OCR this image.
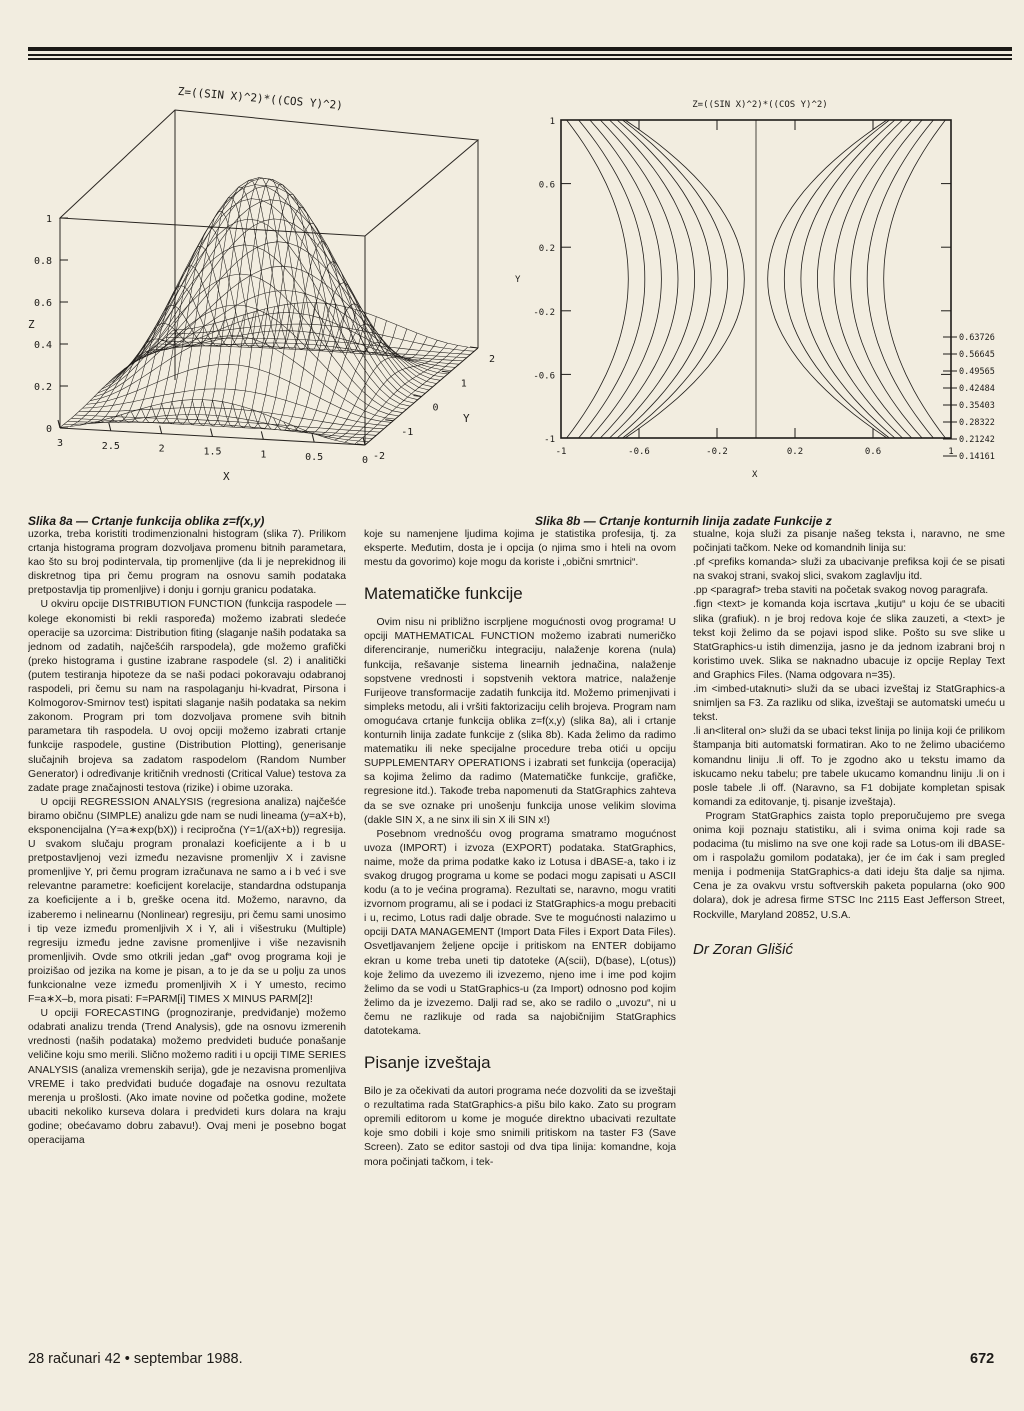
Z=((SIN X)^2)*((COS Y)^2)
Z
0
0.2
0.4
0.6
0.8
1
0
0.5
1
1.5
2
2.5
3
-2
-1
0
1
2
X
Y
Z=((SIN X)^2)*((COS Y)^2)
-1
-0.6
-0.2
0.2
0.6
1
-1	-0.6	-0.2	0.2	0.6	1
0.63726
0.56645
0.49565
0.42484
0.35403
0.28322
0.21242
0.14161
Y
X
Slika 8a — Crtanje funkcija oblika z=f(x,y)	Slika 8b — Crtanje konturnih linija zadate Funkcije z

uzorka, treba koristiti trodimenzionalni histogram (slika 7). Prilikom crtanja histograma program dozvoljava promenu bitnih parametara, kao što su broj podintervala, tip promenljive (da li je neprekidnog ili diskretnog tipa pri čemu program na osnovu samih podataka pretpostavlja tip promenljive) i donju i gornju granicu podataka.

U okviru opcije DISTRIBUTION FUNCTION (funkcija raspodele — kolege ekonomisti bi rekli raspoređa) možemo izabrati sledeće operacije sa uzorcima: Distribution fiting (slaganje naših podataka sa jednom od zadatih, najčešćih rarspodela), gde možemo grafički (preko histograma i gustine izabrane raspodele (sl. 2) i analitički (putem testiranja hipoteze da se naši podaci pokoravaju odabranoj raspodeli, pri čemu su nam na raspolaganju hi-kvadrat, Pirsona i Kolmogorov-Smirnov test) ispitati slaganje naših podataka sa nekim zakonom. Program pri tom dozvoljava promene svih bitnih parametara tih raspodela. U ovoj opciji možemo izabrati crtanje funkcije raspodele, gustine (Distribution Plotting), generisanje slučajnih brojeva sa zadatom raspodelom (Random Number Generator) i određivanje kritičnih vrednosti (Critical Value) testova za zadate prage značajnosti testova (rizike) i obime uzoraka.

U opciji REGRESSION ANALYSIS (regresiona analiza) najčešće biramo običnu (SIMPLE) analizu gde nam se nudi lineama (y=aX+b), eksponencijalna (Y=a∗exp(bX)) i recipročna (Y=1/(aX+b)) regresija. U svakom slučaju program pronalazi koeficijente a i b u pretpostavljenoj vezi između nezavisne promenljiv X i zavisne promenljive Y, pri čemu program izračunava ne samo a i b već i sve relevantne parametre: koeficijent korelacije, standardna odstupanja za koeficijente a i b, greške ocena itd. Možemo, naravno, da izaberemo i nelinearnu (Nonlinear) regresiju, pri čemu sami unosimo i tip veze između promenljivih X i Y, ali i višestruku (Multiple) regresiju između jedne zavisne promenljive i više nezavisnih promenljivih. Ovde smo otkrili jedan „gaf“ ovog programa koji je proizišao od jezika na kome je pisan, a to je da se u polju za unos funkcionalne veze između promenljivih X i Y umesto, recimo F=a∗X–b, mora pisati: F=PARM[i] TIMES X MINUS PARM[2]!

U opciji FORECASTING (prognoziranje, predviđanje) možemo odabrati analizu trenda (Trend Analysis), gde na osnovu izmerenih vrednosti (naših podataka) možemo predvideti buduće ponašanje veličine koju smo merili. Slično možemo raditi i u opciji TIME SERIES ANALYSIS (analiza vremenskih serija), gde je nezavisna promenljiva VREME i tako predviđati buduće događaje na osnovu rezultata merenja u prošlosti. (Ako imate novine od početka godine, možete ubaciti nekoliko kurseva dolara i predvideti kurs dolara na kraju godine; obećavamo dobru zabavu!). Ovaj meni je posebno bogat operacijama

koje su namenjene ljudima kojima je statistika profesija, tj. za eksperte. Međutim, dosta je i opcija (o njima smo i hteli na ovom mestu da govorimo) koje mogu da koriste i „obični smrtnici“.

Matematičke funkcije

Ovim nisu ni približno iscrpljene mogućnosti ovog programa! U opciji MATHEMATICAL FUNCTION možemo izabrati numeričko diferenciranje, numeričku integraciju, nalaženje korena (nula) funkcija, rešavanje sistema linearnih jednačina, nalaženje sopstvene vrednosti i sopstvenih vektora matrice, nalaženje Furijeove transformacije zadatih funkcija itd. Možemo primenjivati i simpleks metodu, ali i vršiti faktorizaciju celih brojeva. Program nam omogućava crtanje funkcija oblika z=f(x,y) (slika 8a), ali i crtanje konturnih linija zadate funkcije z (slika 8b). Kada želimo da radimo matematiku ili neke specijalne procedure treba otići u opciju SUPPLEMENTARY OPERATIONS i izabrati set funkcija (operacija) sa kojima želimo da radimo (Matematičke funkcije, grafičke, regresione itd.). Takođe treba napomenuti da StatGraphics zahteva da se sve oznake pri unošenju funkcija unose velikim slovima (dakle SIN X, a ne sinx ili sin X ili SIN x!)

Posebnom vrednošću ovog programa smatramo mogućnost uvoza (IMPORT) i izvoza (EXPORT) podataka. StatGraphics, naime, može da prima podatke kako iz Lotusa i dBASE-a, tako i iz svakog drugog programa u kome se podaci mogu zapisati u ASCII kodu (a to je većina programa). Rezultati se, naravno, mogu vratiti izvornom programu, ali se i podaci iz StatGraphics-a mogu prebaciti i u, recimo, Lotus radi dalje obrade. Sve te mogućnosti nalazimo u opciji DATA MANAGEMENT (Import Data Files i Export Data Files). Osvetljavanjem željene opcije i pritiskom na ENTER dobijamo ekran u kome treba uneti tip datoteke (A(scii), D(base), L(otus)) koje želimo da uvezemo ili izvezemo, njeno ime i ime pod kojim želimo da se vodi u StatGraphics-u (za Import) odnosno pod kojim želimo da je izvezemo. Dalji rad se, ako se radilo o „uvozu“, ni u čemu ne razlikuje od rada sa najobičnijim StatGraphics datotekama.

Pisanje izveštaja

Bilo je za očekivati da autori programa neće dozvoliti da se izveštaji o rezultatima rada StatGraphics-a pišu bilo kako. Zato su program opremili editorom u kome je moguće direktno ubacivati rezultate koje smo dobili i koje smo snimili pritiskom na taster F3 (Save Screen). Zato se editor sastoji od dva tipa linija: komandne, koja mora počinjati tačkom, i tek-

stualne, koja služi za pisanje našeg teksta i, naravno, ne sme počinjati tačkom. Neke od komandnih linija su:

.pf <prefiks komanda> služi za ubacivanje prefiksa koji će se pisati na svakoj strani, svakoj slici, svakom zaglavlju itd.

.pp <paragraf> treba staviti na početak svakog novog paragrafa.

.fign <text> je komanda koja iscrtava „kutiju“ u koju će se ubaciti slika (grafiuk). n je broj redova koje će slika zauzeti, a <text> je tekst koji želimo da se pojavi ispod slike. Pošto su sve slike u StatGraphics-u istih dimenzija, jasno je da jednom izabrani broj n koristimo uvek. Slika se naknadno ubacuje iz opcije Replay Text and Graphics Files. (Nama odgovara n=35).

.im <imbed-utaknuti> služi da se ubaci izveštaj iz StatGraphics-a snimljen sa F3. Za razliku od slika, izveštaji se automatski umeću u tekst.

.li an<literal on> služi da se ubaci tekst linija po linija koji će prilikom štampanja biti automatski formatiran. Ako to ne želimo ubacićemo komandnu liniju .li off. To je zgodno ako u tekstu imamo da iskucamo neku tabelu; pre tabele ukucamo komandnu liniju .li on i posle tabele .li off. (Naravno, sa F1 dobijate kompletan spisak komandi za editovanje, tj. pisanje izveštaja).

Program StatGraphics zaista toplo preporučujemo pre svega onima koji poznaju statistiku, ali i svima onima koji rade sa podacima (tu mislimo na sve one koji rade sa Lotus-om ili dBASE-om i raspolažu gomilom podataka), jer će im ćak i sam pregled menija i podmenija StatGraphics-a dati ideju šta dalje sa njima. Cena je za ovakvu vrstu softverskih paketa popularna (oko 900 dolara), dok je adresa firme STSC Inc 2115 East Jefferson Street, Rockville, Maryland 20852, U.S.A.

Dr Zoran Glišić

28 računari 42 • septembar 1988.	672
